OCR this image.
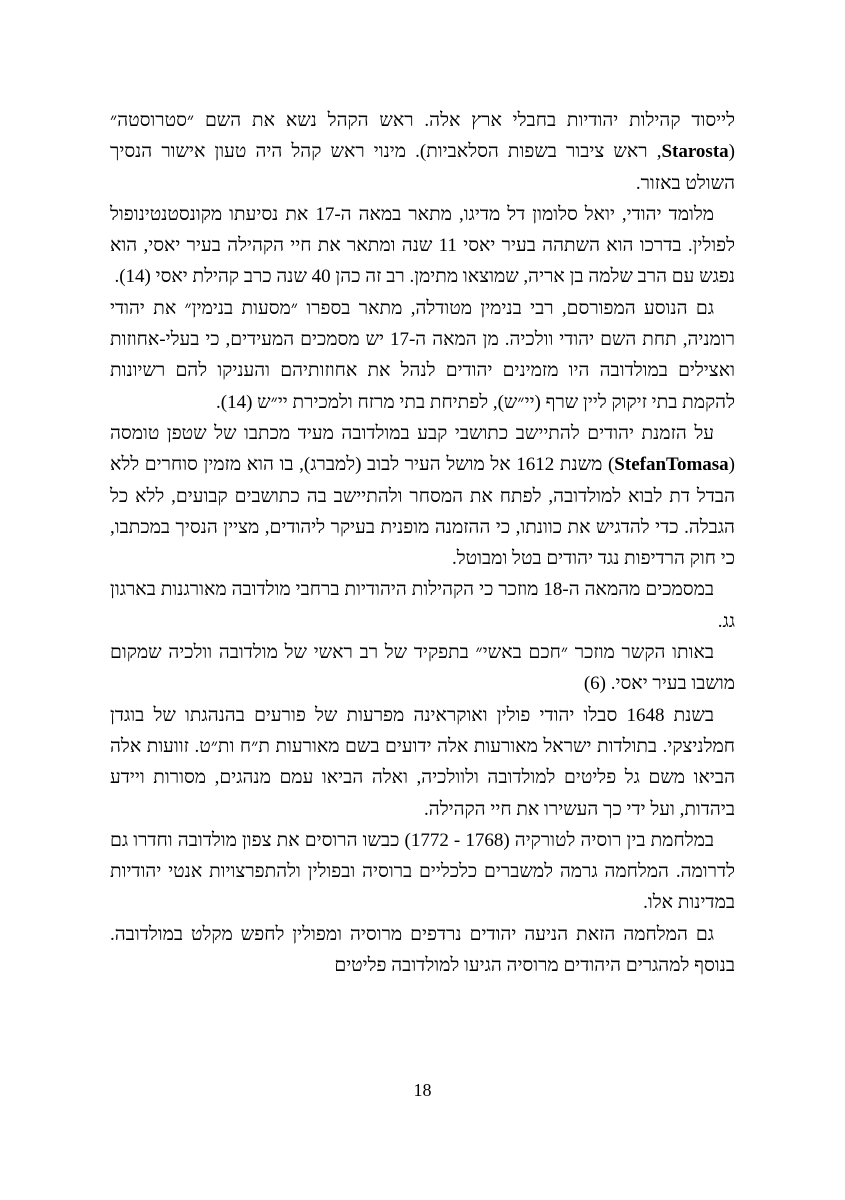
לייסוד קהילות יהודיות בחבלי ארץ אלה. ראש הקהל נשא את השם ״סטרוסטה״ (Starosta, ראש ציבור בשפות הסלאביות). מינוי ראש קהל היה טעון אישור הנסיך השולט באזור.

מלומד יהודי, יואל סלומון דל מדיגו, מתאר במאה ה-17 את נסיעתו מקונסטנטינופול לפולין. בדרכו הוא השתהה בעיר יאסי 11 שנה ומתאר את חיי הקהילה בעיר יאסי, הוא נפגש עם הרב שלמה בן אריה, שמוצאו מתימן. רב זה כהן 40 שנה כרב קהילת יאסי (14).

גם הנוסע המפורסם, רבי בנימין מטודלה, מתאר בספרו ״מסעות בנימין״ את יהודי רומניה, תחת השם יהודי וולכיה. מן המאה ה-17 יש מסמכים המעידים, כי בעלי-אחוזות ואצילים במולדובה היו מזמינים יהודים לנהל את אחוזותיהם והעניקו להם רשיונות להקמת בתי זיקוק ליין שרף (יי״ש), לפתיחת בתי מרזח ולמכירת יי״ש (14).

על הזמנת יהודים להתיישב כתושבי קבע במולדובה מעיד מכתבו של שטפן טומסה (StefanTomasa) משנת 1612 אל מושל העיר לבוב (למברג), בו הוא מזמין סוחרים ללא הבדל דת לבוא למולדובה, לפתח את המסחר ולהתיישב בה כתושבים קבועים, ללא כל הגבלה. כדי להדגיש את כוונתו, כי ההזמנה מופנית בעיקר ליהודים, מציין הנסיך במכתבו, כי חוק הרדיפות נגד יהודים בטל ומבוטל.

במסמכים מהמאה ה-18 מוזכר כי הקהילות היהודיות ברחבי מולדובה מאורגנות בארגון גג.

באותו הקשר מוזכר ״חכם באשי״ בתפקיד של רב ראשי של מולדובה וולכיה שמקום מושבו בעיר יאסי. (6)

בשנת 1648 סבלו יהודי פולין ואוקראינה מפרעות של פורעים בהנהגתו של בוגדן חמלניצקי. בתולדות ישראל מאורעות אלה ידועים בשם מאורעות ת״ח ות״ט. זוועות אלה הביאו משם גל פליטים למולדובה ולוולכיה, ואלה הביאו עמם מנהגים, מסורות ויידע ביהדות, ועל ידי כך העשירו את חיי הקהילה.

במלחמת בין רוסיה לטורקיה (1768 - 1772) כבשו הרוסים את צפון מולדובה וחדרו גם לדרומה. המלחמה גרמה למשברים כלכליים ברוסיה ובפולין ולהתפרצויות אנטי יהודיות במדינות אלו.

גם המלחמה הזאת הניעה יהודים נרדפים מרוסיה ומפולין לחפש מקלט במולדובה. בנוסף למהגרים היהודים מרוסיה הגיעו למולדובה פליטים

18
